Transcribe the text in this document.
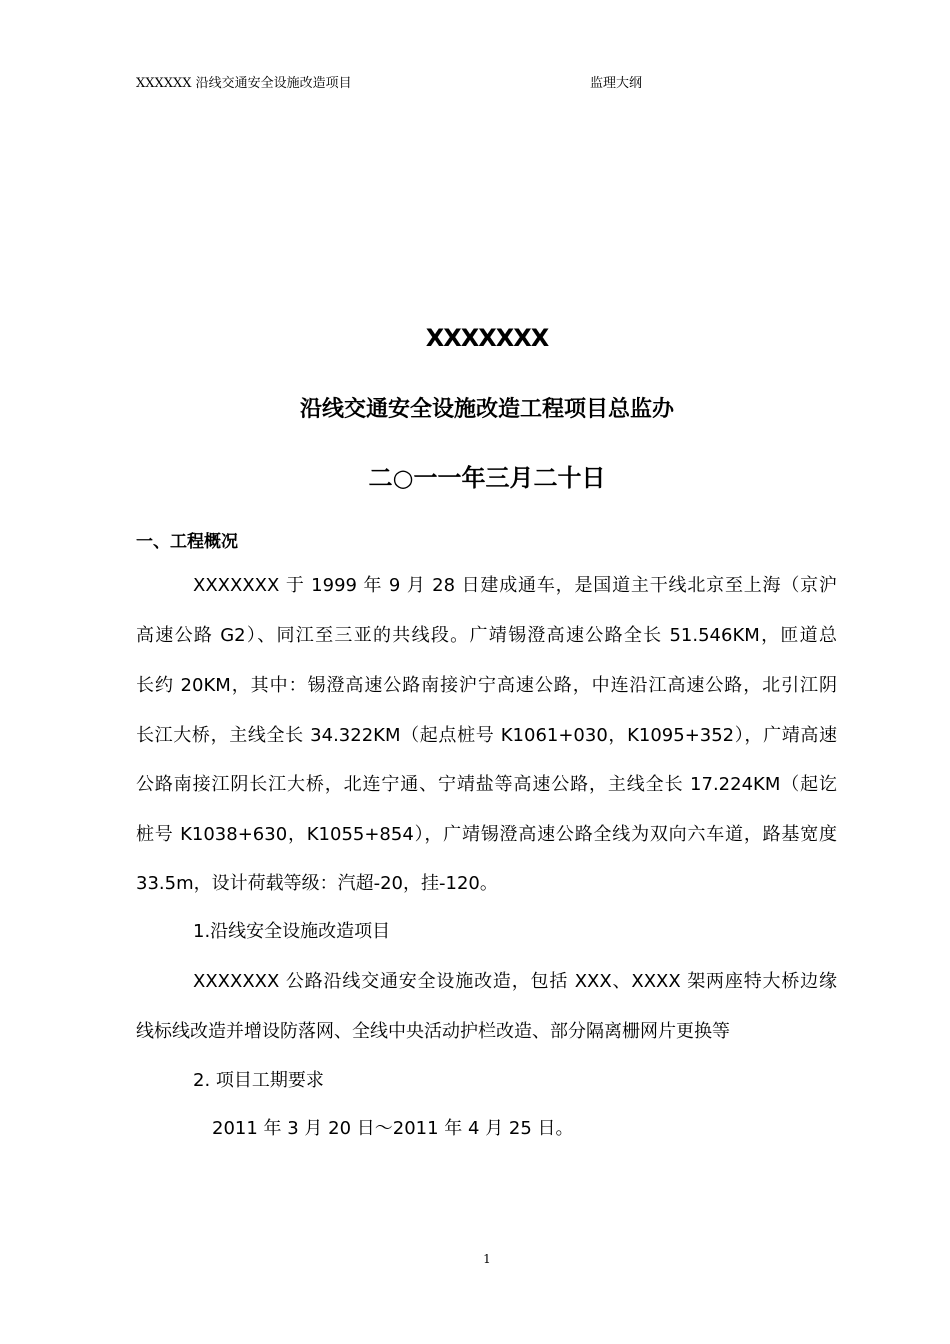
XXXXXX 沿线交通安全设施改造项目	监理大纲
XXXXXXX
沿线交通安全设施改造工程项目总监办
二○一一年三月二十日
一、工程概况
XXXXXXX 于 1999 年 9 月 28 日建成通车，是国道主干线北京至上海（京沪
高速公路 G2）、同江至三亚的共线段。广靖锡澄高速公路全长 51.546KM，匝道总
长约 20KM，其中：锡澄高速公路南接沪宁高速公路，中连沿江高速公路，北引江阴
长江大桥，主线全长 34.322KM（起点桩号 K1061+030，K1095+352），广靖高速
公路南接江阴长江大桥，北连宁通、宁靖盐等高速公路，主线全长 17.224KM（起讫
桩号 K1038+630，K1055+854），广靖锡澄高速公路全线为双向六车道，路基宽度
33.5m，设计荷载等级：汽超-20，挂-120。
1.沿线安全设施改造项目
XXXXXXX 公路沿线交通安全设施改造，包括 XXX、XXXX 架两座特大桥边缘
线标线改造并增设防落网、全线中央活动护栏改造、部分隔离栅网片更换等
2. 项目工期要求
2011 年 3 月 20 日～2011 年 4 月 25 日。
1
